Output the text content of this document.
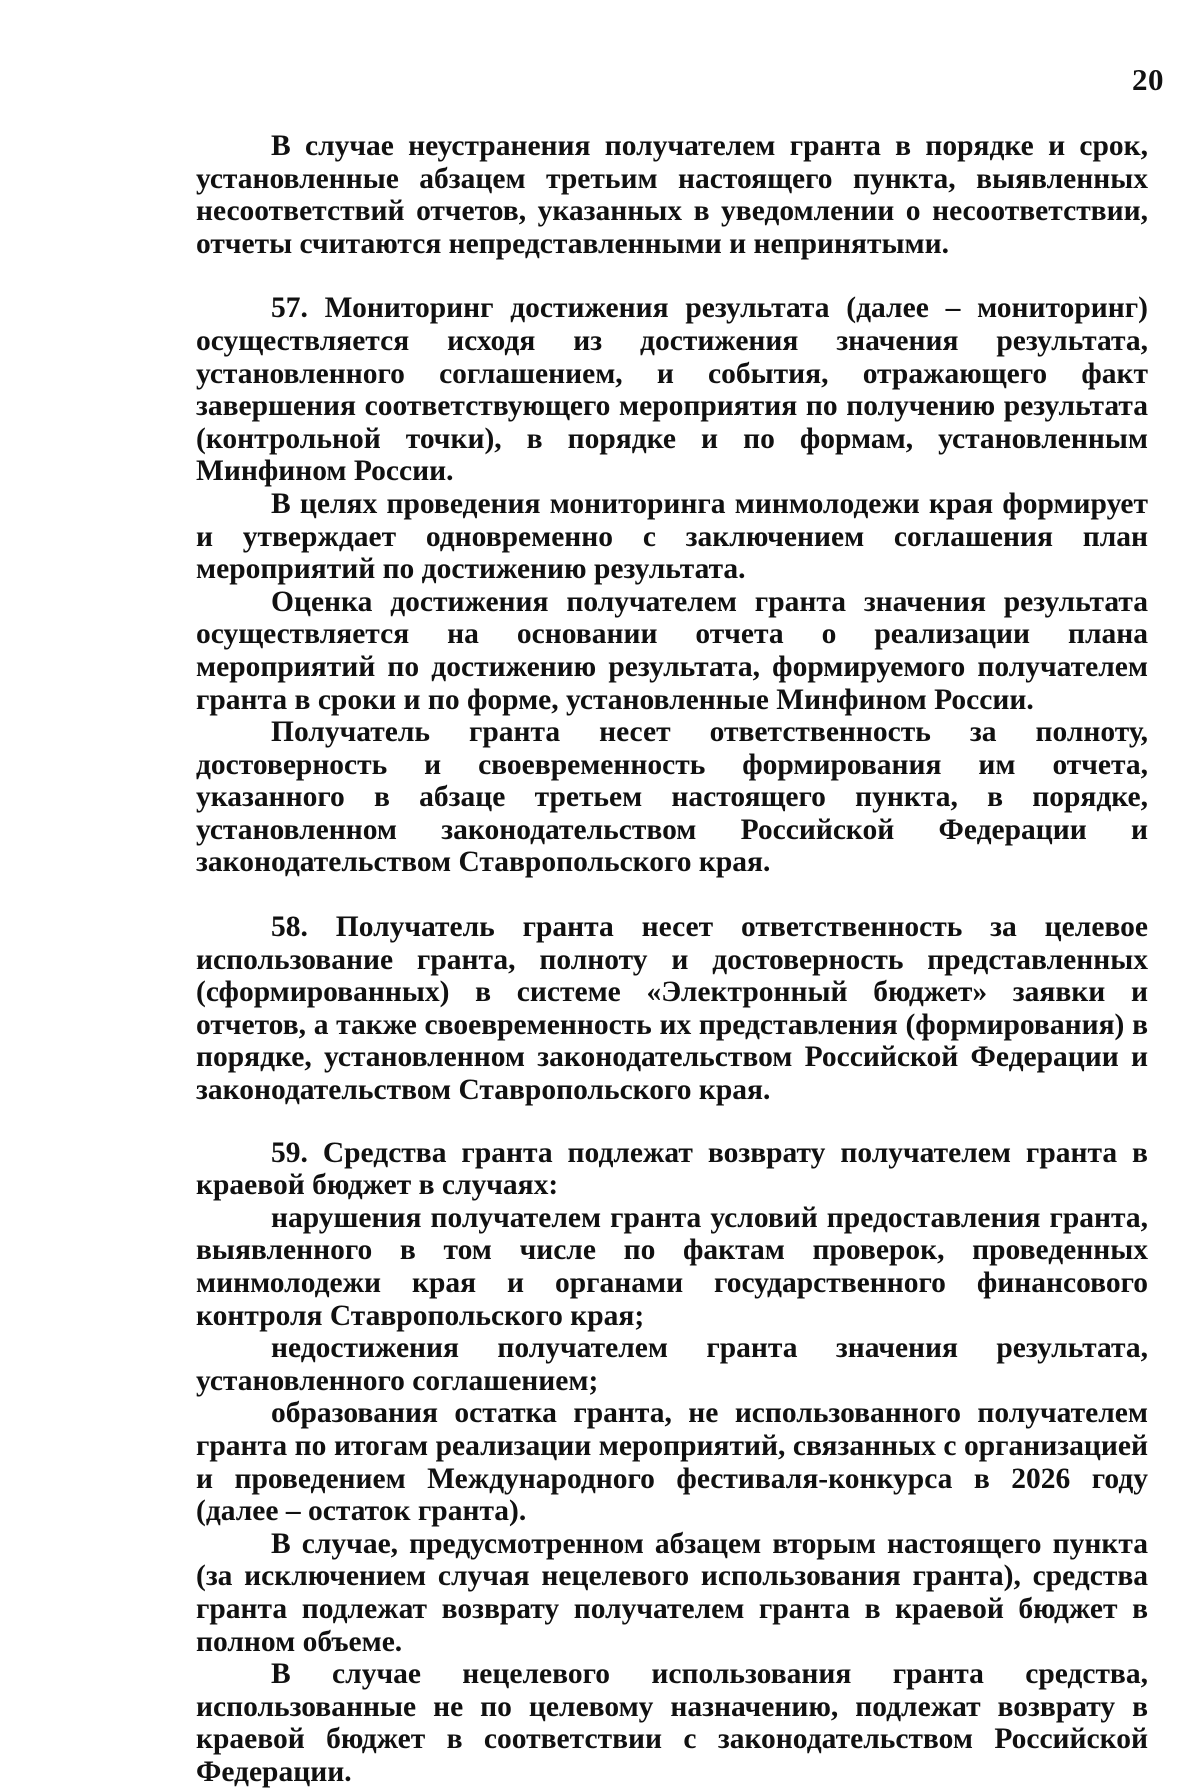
20

В случае неустранения получателем гранта в порядке и срок, установленные абзацем третьим настоящего пункта, выявленных несоответствий отчетов, указанных в уведомлении о несоответствии, отчеты считаются непредставленными и непринятыми.

57. Мониторинг достижения результата (далее – мониторинг) осуществляется исходя из достижения значения результата, установленного соглашением, и события, отражающего факт завершения соответствующего мероприятия по получению результата (контрольной точки), в порядке и по формам, установленным Минфином России.

В целях проведения мониторинга минмолодежи края формирует и утверждает одновременно с заключением соглашения план мероприятий по достижению результата.

Оценка достижения получателем гранта значения результата осуществляется на основании отчета о реализации плана мероприятий по достижению результата, формируемого получателем гранта в сроки и по форме, установленные Минфином России.

Получатель гранта несет ответственность за полноту, достоверность и своевременность формирования им отчета, указанного в абзаце третьем настоящего пункта, в порядке, установленном законодательством Российской Федерации и законодательством Ставропольского края.

58. Получатель гранта несет ответственность за целевое использование гранта, полноту и достоверность представленных (сформированных) в системе «Электронный бюджет» заявки и отчетов, а также своевременность их представления (формирования) в порядке, установленном законодательством Российской Федерации и законодательством Ставропольского края.

59. Средства гранта подлежат возврату получателем гранта в краевой бюджет в случаях:

нарушения получателем гранта условий предоставления гранта, выявленного в том числе по фактам проверок, проведенных минмолодежи края и органами государственного финансового контроля Ставропольского края;

недостижения получателем гранта значения результата, установленного соглашением;

образования остатка гранта, не использованного получателем гранта по итогам реализации мероприятий, связанных с организацией и проведением Международного фестиваля-конкурса в 2026 году (далее – остаток гранта).

В случае, предусмотренном абзацем вторым настоящего пункта (за исключением случая нецелевого использования гранта), средства гранта подлежат возврату получателем гранта в краевой бюджет в полном объеме.

В случае нецелевого использования гранта средства, использованные не по целевому назначению, подлежат возврату в краевой бюджет в соответствии с законодательством Российской Федерации.
